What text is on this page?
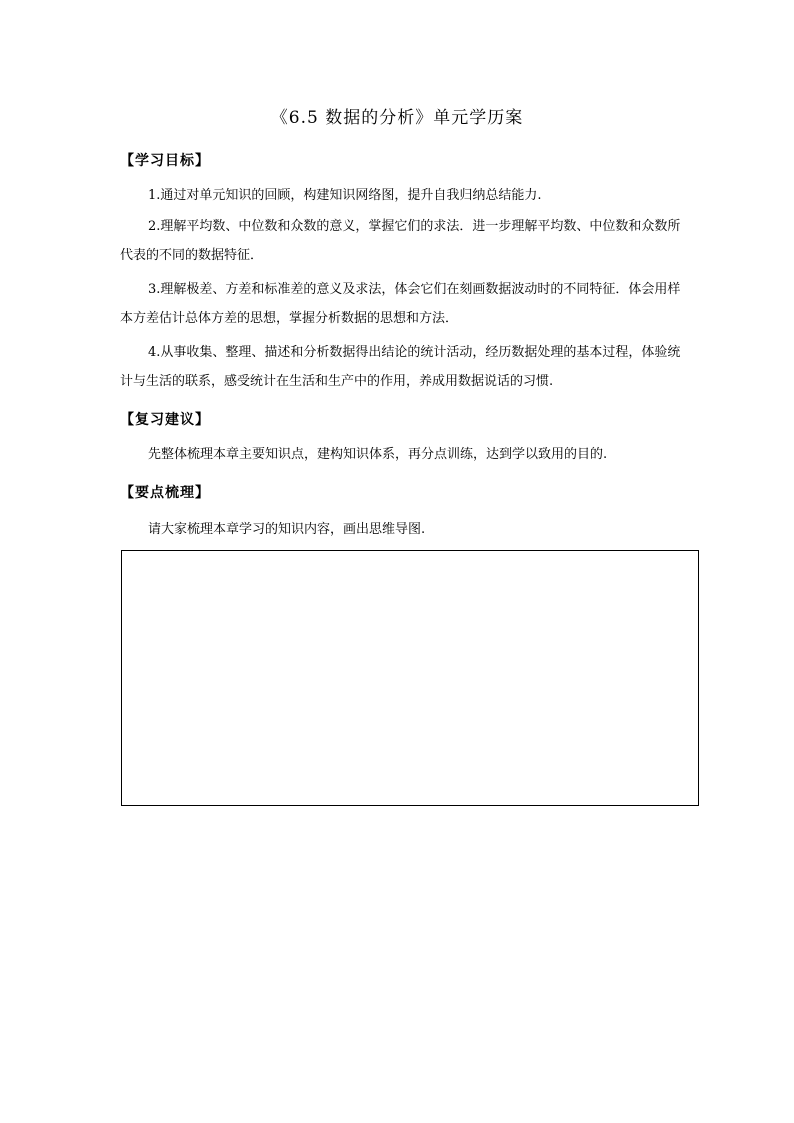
《6.5 数据的分析》单元学历案
【学习目标】

1.通过对单元知识的回顾，构建知识网络图，提升自我归纳总结能力.

2.理解平均数、中位数和众数的意义，掌握它们的求法．进一步理解平均数、中位数和众数所代表的不同的数据特征．

3.理解极差、方差和标准差的意义及求法，体会它们在刻画数据波动时的不同特征．体会用样本方差估计总体方差的思想，掌握分析数据的思想和方法．

4.从事收集、整理、描述和分析数据得出结论的统计活动，经历数据处理的基本过程，体验统计与生活的联系，感受统计在生活和生产中的作用，养成用数据说话的习惯.

【复习建议】

先整体梳理本章主要知识点，建构知识体系，再分点训练，达到学以致用的目的.

【要点梳理】

请大家梳理本章学习的知识内容，画出思维导图.
